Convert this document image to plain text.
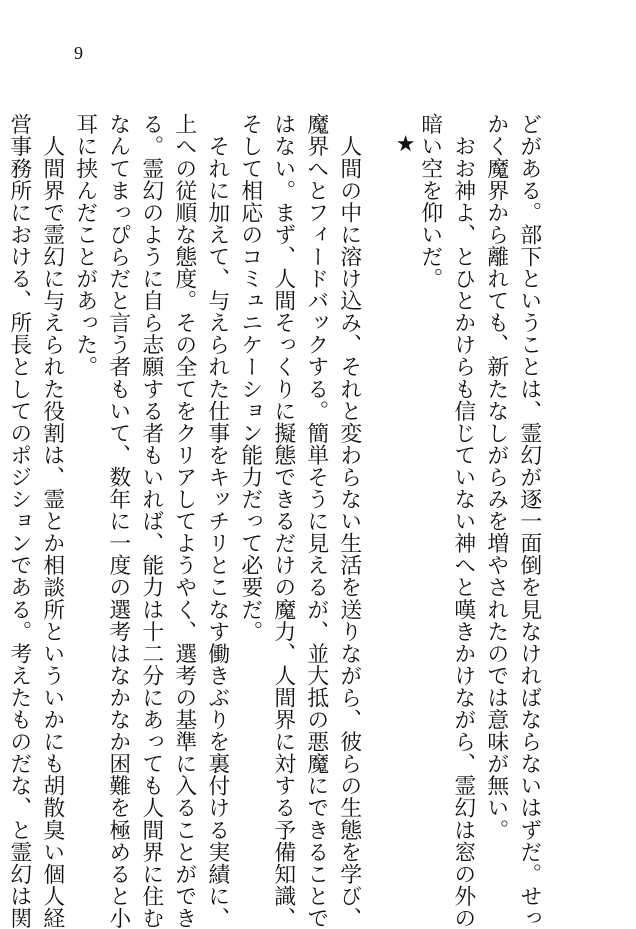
9
どがある。部下ということは、霊幻が逐一面倒を見なければならないはずだ。せっ
かく魔界から離れても、新たなしがらみを増やされたのでは意味が無い。
　おお神よ、とひとかけらも信じていない神へと嘆きかけながら、霊幻は窓の外の
暗い空を仰いだ。
★
　人間の中に溶け込み、それと変わらない生活を送りながら、彼らの生態を学び、
魔界へとフィードバックする。簡単そうに見えるが、並大抵の悪魔にできることで
はない。まず、人間そっくりに擬態できるだけの魔力、人間界に対する予備知識、
そして相応のコミュニケーション能力だって必要だ。
　それに加えて、与えられた仕事をキッチリとこなす働きぶりを裏付ける実績に、
上への従順な態度。その全てをクリアしてようやく、選考の基準に入ることができ
る。霊幻のように自ら志願する者もいれば、能力は十二分にあっても人間界に住む
なんてまっぴらだと言う者もいて、数年に一度の選考はなかなか困難を極めると小
耳に挟んだことがあった。
　人間界で霊幻に与えられた役割は、霊とか相談所といういかにも胡散臭い個人経
営事務所における、所長としてのポジションである。考えたものだな、と霊幻は関
